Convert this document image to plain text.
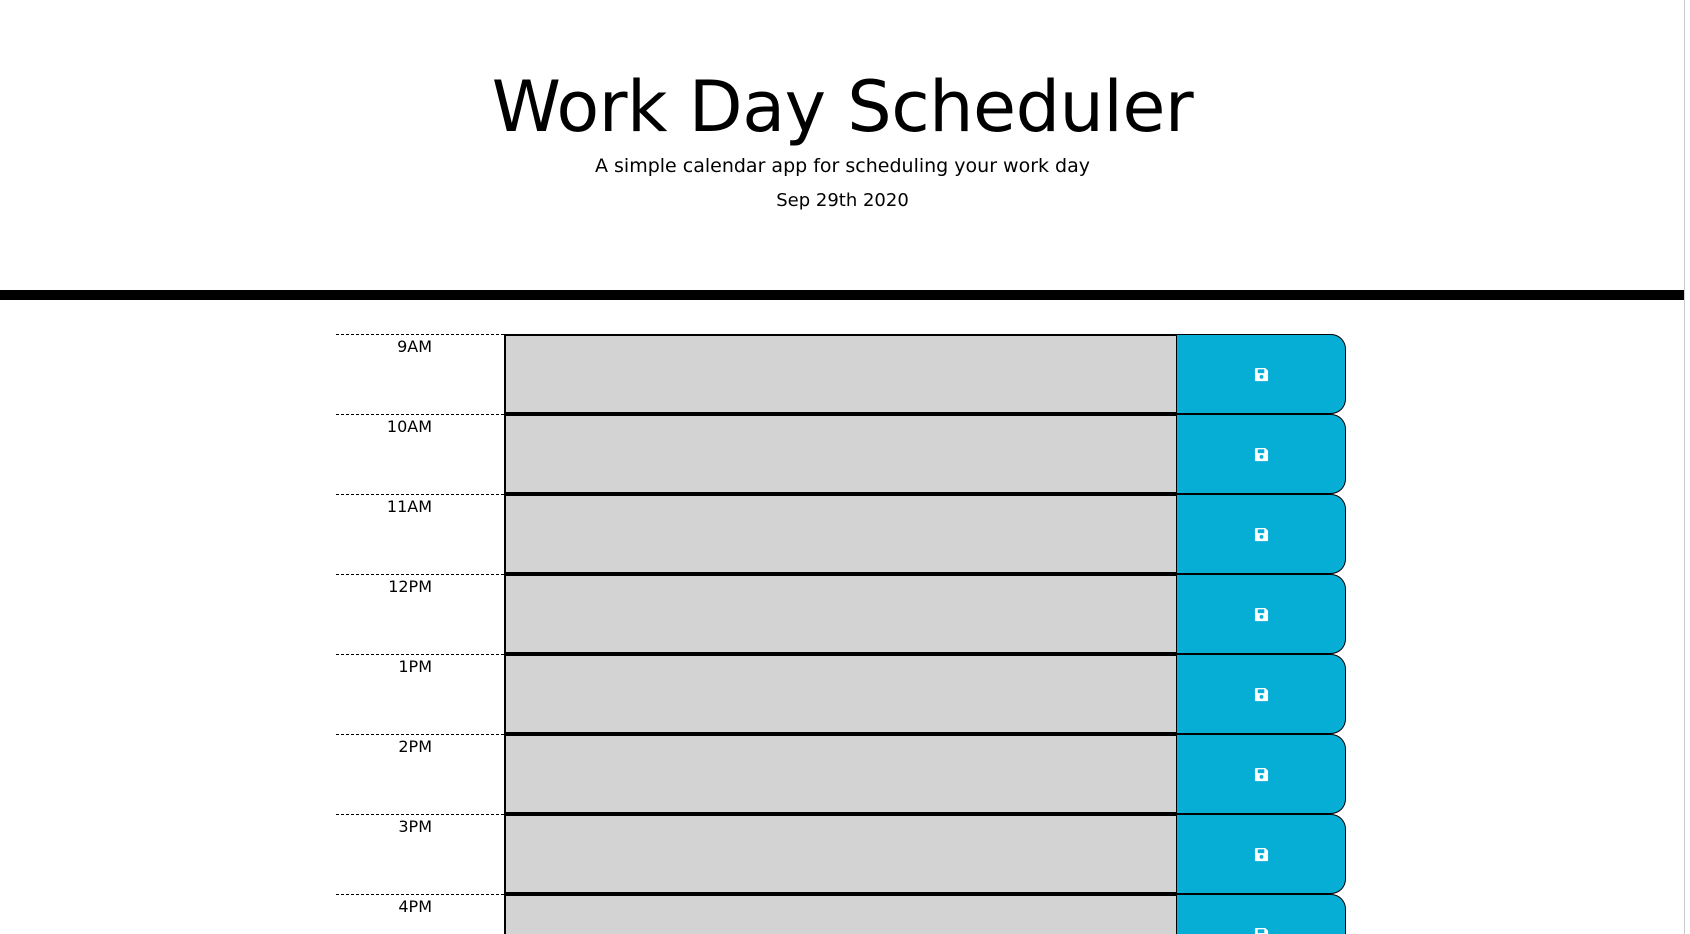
Work Day Scheduler

A simple calendar app for scheduling your work day

Sep 29th 2020

9AM
10AM
11AM
12PM
1PM
2PM
3PM
4PM
